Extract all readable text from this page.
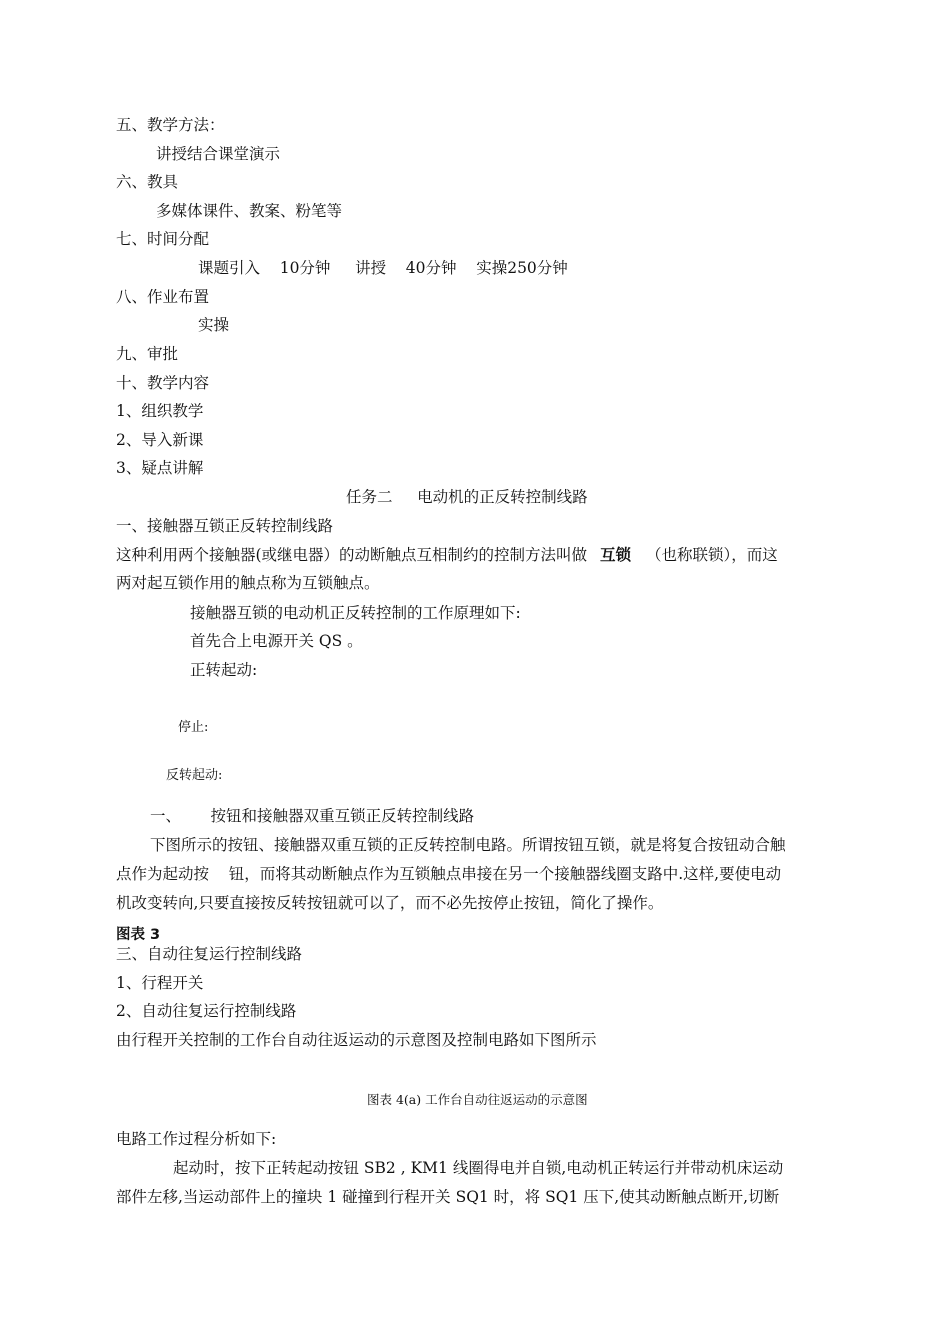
五、教学方法：
讲授结合课堂演示
六、教具
多媒体课件、教案、粉笔等
七、时间分配
课题引入    10分钟     讲授    40分钟    实操250分钟
八、作业布置
实操
九、审批
十、教学内容
1、组织教学
2、导入新课
3、疑点讲解
任务二     电动机的正反转控制线路
一、接触器互锁正反转控制线路
这种利用两个接触器(或继电器）的动断触点互相制约的控制方法叫做 互锁 （也称联锁），而这
两对起互锁作用的触点称为互锁触点。
接触器互锁的电动机正反转控制的工作原理如下:
首先合上电源开关 QS 。
正转起动:
停止:
反转起动:
一、      按钮和接触器双重互锁正反转控制线路
下图所示的按钮、接触器双重互锁的正反转控制电路。所谓按钮互锁，就是将复合按钮动合触
点作为起动按    钮，而将其动断触点作为互锁触点串接在另一个接触器线圈支路中.这样,要使电动
机改变转向,只要直接按反转按钮就可以了，而不必先按停止按钮，简化了操作。
图表 3
三、自动往复运行控制线路
1、行程开关
2、自动往复运行控制线路
由行程开关控制的工作台自动往返运动的示意图及控制电路如下图所示
图表 4(a) 工作台自动往返运动的示意图
电路工作过程分析如下:
起动时，按下正转起动按钮 SB2 , KM1 线圈得电并自锁,电动机正转运行并带动机床运动
部件左移,当运动部件上的撞块 1 碰撞到行程开关 SQ1 时，将 SQ1 压下,使其动断触点断开,切断
